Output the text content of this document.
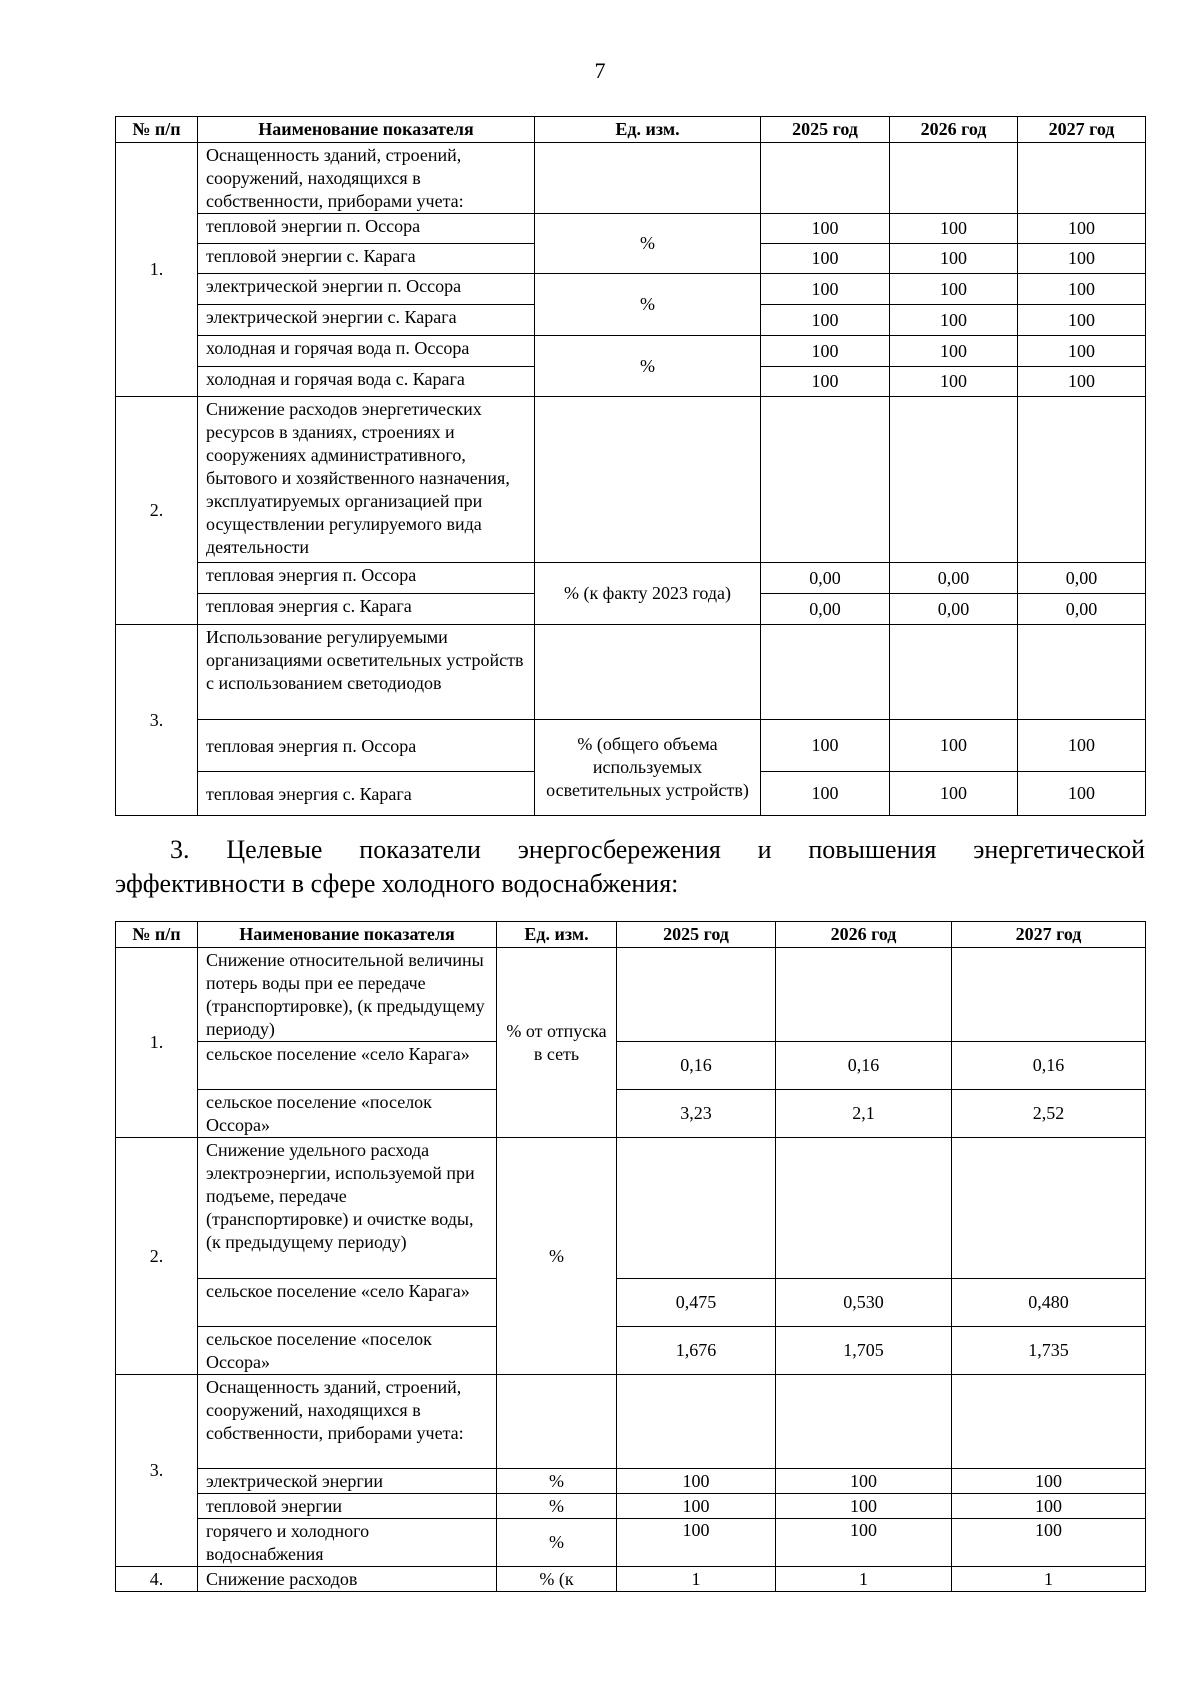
7
№ п/п	Наименование показателя	Ед. изм.	2025 год	2026 год	2027 год
1.	Оснащенность зданий, строений, сооружений, находящихся в собственности, приборами учета:				
	тепловой энергии п. Оссора	%	100	100	100
	тепловой энергии с. Карага		100	100	100
	электрической энергии п. Оссора	%	100	100	100
	электрической энергии с. Карага		100	100	100
	холодная и горячая вода п. Оссора	%	100	100	100
	холодная и горячая вода с. Карага		100	100	100
2.	Снижение расходов энергетических ресурсов в зданиях, строениях и сооружениях административного, бытового и хозяйственного назначения, эксплуатируемых организацией при осуществлении регулируемого вида деятельности				
	тепловая энергия п. Оссора	% (к факту 2023 года)	0,00	0,00	0,00
	тепловая энергия с. Карага		0,00	0,00	0,00
3.	Использование регулируемыми организациями осветительных устройств с использованием светодиодов				
	тепловая энергия п. Оссора	% (общего объема используемых осветительных устройств)	100	100	100
	тепловая энергия с. Карага		100	100	100
3. Целевые показатели энергосбережения и повышения энергетической
эффективности в сфере холодного водоснабжения:
№ п/п	Наименование показателя	Ед. изм.	2025 год	2026 год	2027 год
1.	Снижение относительной величины потерь воды при ее передаче (транспортировке), (к предыдущему периоду)	% от отпуска в сеть			
	сельское поселение «село Карага»		0,16	0,16	0,16
	сельское поселение «поселок Оссора»		3,23	2,1	2,52
2.	Снижение удельного расхода электроэнергии, используемой при подъеме, передаче (транспортировке) и очистке воды, (к предыдущему периоду)	%			
	сельское поселение «село Карага»		0,475	0,530	0,480
	сельское поселение «поселок Оссора»		1,676	1,705	1,735
3.	Оснащенность зданий, строений, сооружений, находящихся в собственности, приборами учета:				
	электрической энергии	%	100	100	100
	тепловой энергии	%	100	100	100
	горячего и холодного водоснабжения	%	100	100	100
4.	Снижение расходов	% (к	1	1	1
